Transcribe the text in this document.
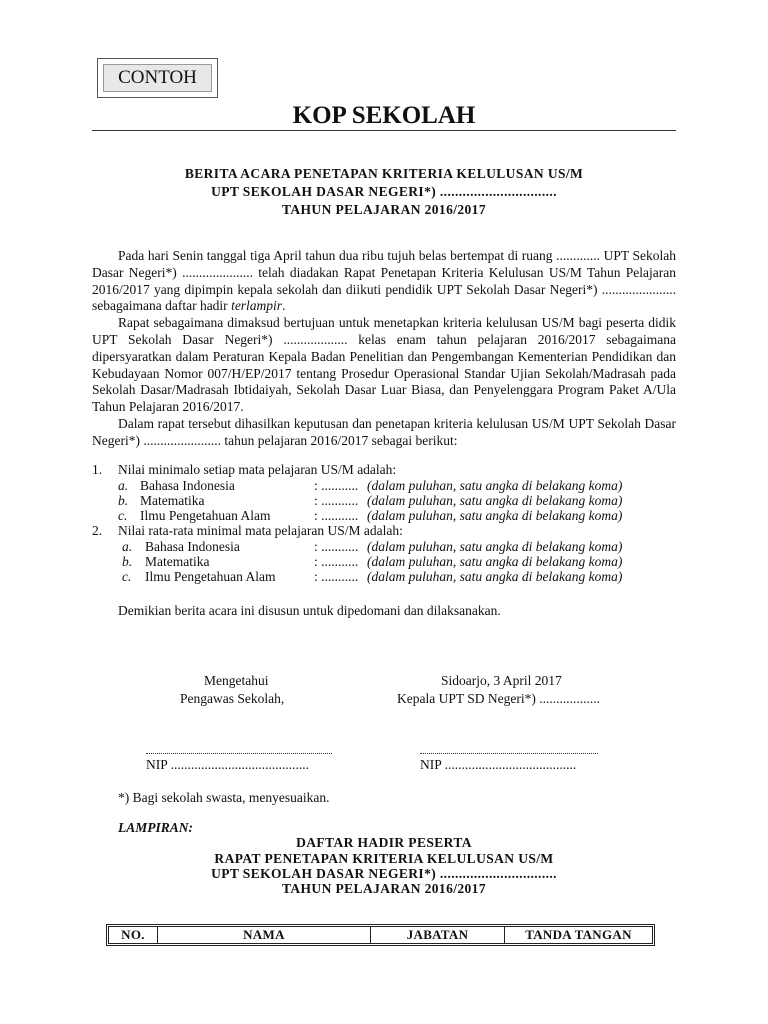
CONTOH
KOP SEKOLAH
BERITA ACARA PENETAPAN KRITERIA KELULUSAN US/M
UPT SEKOLAH DASAR NEGERI*) ...............................
TAHUN PELAJARAN 2016/2017

Pada hari Senin tanggal tiga April tahun dua ribu tujuh belas bertempat di ruang ............. UPT Sekolah Dasar Negeri*) ..................... telah diadakan Rapat Penetapan Kriteria Kelulusan US/M Tahun Pelajaran 2016/2017 yang dipimpin kepala sekolah dan diikuti pendidik UPT Sekolah Dasar Negeri*) ...................... sebagaimana daftar hadir terlampir.

Rapat sebagaimana dimaksud bertujuan untuk menetapkan kriteria kelulusan US/M bagi peserta didik UPT Sekolah Dasar Negeri*) ................... kelas enam tahun pelajaran 2016/2017 sebagaimana dipersyaratkan dalam Peraturan Kepala Badan Penelitian dan Pengembangan Kementerian Pendidikan dan Kebudayaan Nomor 007/H/EP/2017 tentang Prosedur Operasional Standar Ujian Sekolah/Madrasah pada Sekolah Dasar/Madrasah Ibtidaiyah, Sekolah Dasar Luar Biasa, dan Penyelenggara Program Paket A/Ula Tahun Pelajaran 2016/2017.

Dalam rapat tersebut dihasilkan keputusan dan penetapan kriteria kelulusan US/M UPT Sekolah Dasar Negeri*) ....................... tahun pelajaran 2016/2017 sebagai berikut:

1. Nilai minimalo setiap mata pelajaran US/M adalah:
a. Bahasa Indonesia	: ........... (dalam puluhan, satu angka di belakang koma)
b. Matematika	: ........... (dalam puluhan, satu angka di belakang koma)
c. Ilmu Pengetahuan Alam	: ........... (dalam puluhan, satu angka di belakang koma)
2. Nilai rata-rata minimal mata pelajaran US/M adalah:
a. Bahasa Indonesia	: ........... (dalam puluhan, satu angka di belakang koma)
b. Matematika	: ........... (dalam puluhan, satu angka di belakang koma)
c. Ilmu Pengetahuan Alam	: ........... (dalam puluhan, satu angka di belakang koma)
Demikian berita acara ini disusun untuk dipedomani dan dilaksanakan.
Mengetahui
Pengawas Sekolah,
Sidoarjo, 3 April 2017
Kepala UPT SD Negeri*) ..................
NIP .........................................	NIP .......................................
*) Bagi sekolah swasta, menyesuaikan.
LAMPIRAN:
DAFTAR HADIR PESERTA
RAPAT PENETAPAN KRITERIA KELULUSAN US/M
UPT SEKOLAH DASAR NEGERI*) ...............................
TAHUN PELAJARAN 2016/2017
NO.	NAMA	JABATAN	TANDA TANGAN
